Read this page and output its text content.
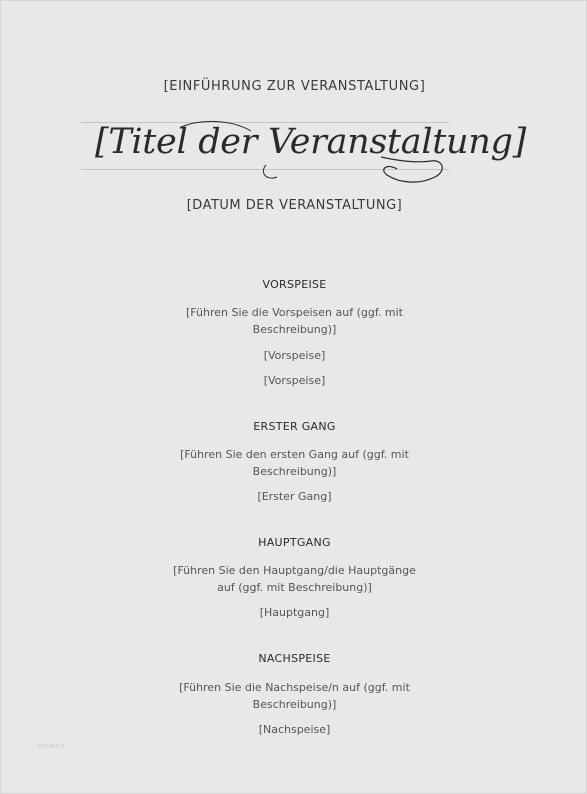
[EINFÜHRUNG ZUR VERANSTALTUNG]
[Titel der Veranstaltung]
[DATUM DER VERANSTALTUNG]
VORSPEISE
[Führen Sie die Vorspeisen auf (ggf. mit
Beschreibung)]
[Vorspeise]
[Vorspeise]
ERSTER GANG
[Führen Sie den ersten Gang auf (ggf. mit
Beschreibung)]
[Erster Gang]
HAUPTGANG
[Führen Sie den Hauptgang/die Hauptgänge
auf (ggf. mit Beschreibung)]
[Hauptgang]
NACHSPEISE
[Führen Sie die Nachspeise/n auf (ggf. mit
Beschreibung)]
[Nachspeise]
repweb
